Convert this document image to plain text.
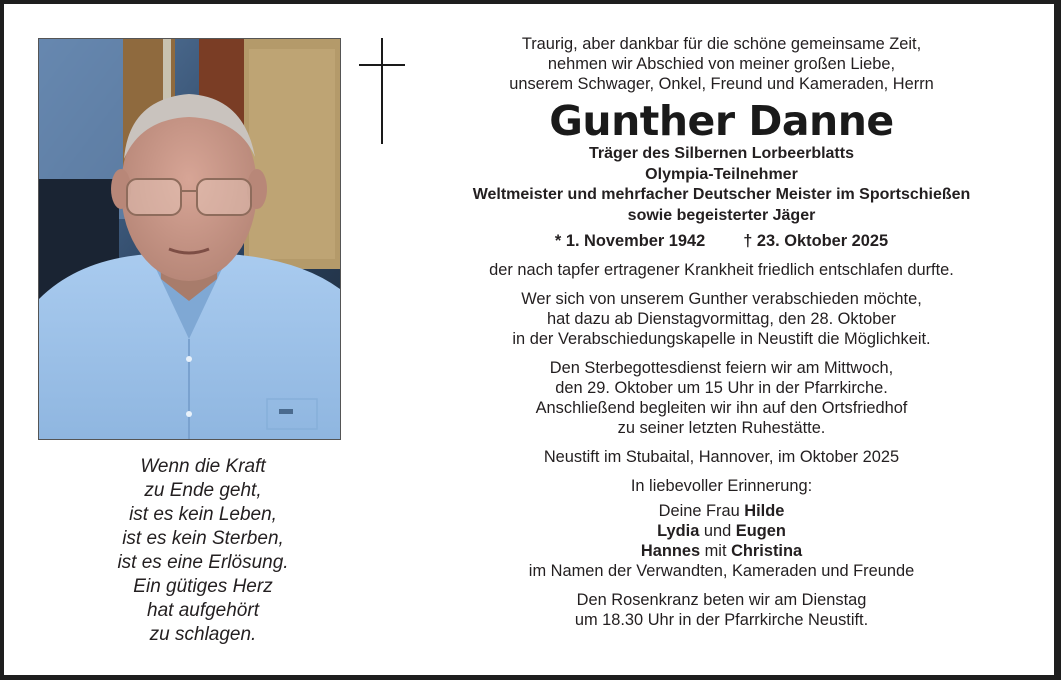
Wenn die Kraft
zu Ende geht,
ist es kein Leben,
ist es kein Sterben,
ist es eine Erlösung.
Ein gütiges Herz
hat aufgehört
zu schlagen.
Traurig, aber dankbar für die schöne gemeinsame Zeit,
nehmen wir Abschied von meiner großen Liebe,
unserem Schwager, Onkel, Freund und Kameraden, Herrn
Gunther Danne
Träger des Silbernen Lorbeerblatts
Olympia-Teilnehmer
Weltmeister und mehrfacher Deutscher Meister im Sportschießen
sowie begeisterter Jäger
* 1. November 1942 † 23. Oktober 2025
der nach tapfer ertragener Krankheit friedlich entschlafen durfte.
Wer sich von unserem Gunther verabschieden möchte,
hat dazu ab Dienstagvormittag, den 28. Oktober
in der Verabschiedungskapelle in Neustift die Möglichkeit.
Den Sterbegottesdienst feiern wir am Mittwoch,
den 29. Oktober um 15 Uhr in der Pfarrkirche.
Anschließend begleiten wir ihn auf den Ortsfriedhof
zu seiner letzten Ruhestätte.
Neustift im Stubaital, Hannover, im Oktober 2025
In liebevoller Erinnerung:
Deine Frau Hilde
Lydia und Eugen
Hannes mit Christina
im Namen der Verwandten, Kameraden und Freunde
Den Rosenkranz beten wir am Dienstag
um 18.30 Uhr in der Pfarrkirche Neustift.
